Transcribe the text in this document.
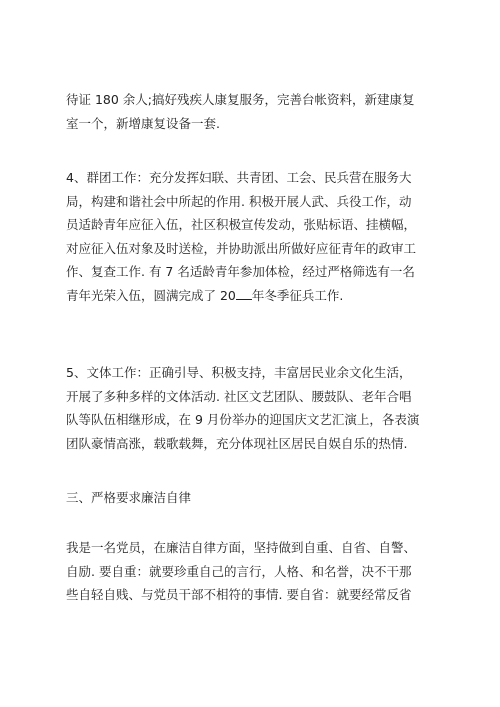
待证 180 余人;搞好残疾人康复服务，完善台帐资料，新建康复
室一个，新增康复设备一套.
4、群团工作：充分发挥妇联、共青团、工会、民兵营在服务大
局，构建和谐社会中所起的作用. 积极开展人武、兵役工作，动
员适龄青年应征入伍，社区积极宣传发动，张贴标语、挂横幅，
对应征入伍对象及时送检，并协助派出所做好应征青年的政审工
作、复查工作. 有 7 名适龄青年参加体检，经过严格筛选有一名
青年光荣入伍，圆满完成了 20 年冬季征兵工作.
5、文体工作：正确引导、积极支持，丰富居民业余文化生活，
开展了多种多样的文体活动. 社区文艺团队、腰鼓队、老年合唱
队等队伍相继形成，在 9 月份举办的迎国庆文艺汇演上，各表演
团队豪情高涨，载歌载舞，充分体现社区居民自娱自乐的热情.
三、严格要求廉洁自律
我是一名党员，在廉洁自律方面，坚持做到自重、自省、自警、
自励. 要自重：就要珍重自己的言行，人格、和名誉，决不干那
些自轻自贱、与党员干部不相符的事情. 要自省：就要经常反省
